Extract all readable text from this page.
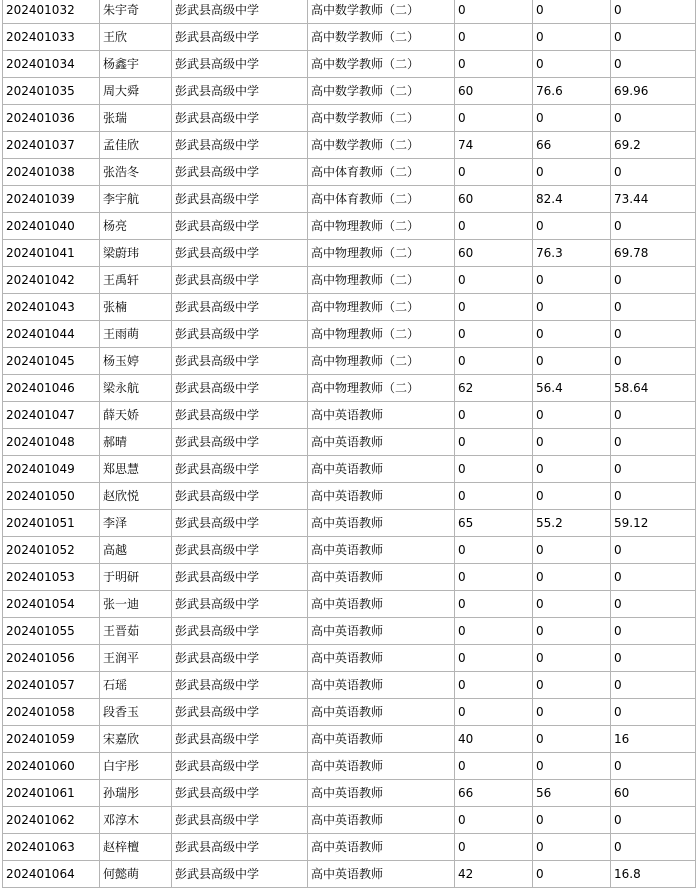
202401032	朱宇奇	彭武县高级中学	高中数学教师（二）	0	0	0
202401033	王欣	彭武县高级中学	高中数学教师（二）	0	0	0
202401034	杨鑫宇	彭武县高级中学	高中数学教师（二）	0	0	0
202401035	周大舜	彭武县高级中学	高中数学教师（二）	60	76.6	69.96
202401036	张瑞	彭武县高级中学	高中数学教师（二）	0	0	0
202401037	孟佳欣	彭武县高级中学	高中数学教师（二）	74	66	69.2
202401038	张浩冬	彭武县高级中学	高中体育教师（二）	0	0	0
202401039	李宇航	彭武县高级中学	高中体育教师（二）	60	82.4	73.44
202401040	杨亮	彭武县高级中学	高中物理教师（二）	0	0	0
202401041	梁蔚玮	彭武县高级中学	高中物理教师（二）	60	76.3	69.78
202401042	王禹轩	彭武县高级中学	高中物理教师（二）	0	0	0
202401043	张楠	彭武县高级中学	高中物理教师（二）	0	0	0
202401044	王雨萌	彭武县高级中学	高中物理教师（二）	0	0	0
202401045	杨玉婷	彭武县高级中学	高中物理教师（二）	0	0	0
202401046	梁永航	彭武县高级中学	高中物理教师（二）	62	56.4	58.64
202401047	薛天娇	彭武县高级中学	高中英语教师	0	0	0
202401048	郝晴	彭武县高级中学	高中英语教师	0	0	0
202401049	郑思慧	彭武县高级中学	高中英语教师	0	0	0
202401050	赵欣悦	彭武县高级中学	高中英语教师	0	0	0
202401051	李泽	彭武县高级中学	高中英语教师	65	55.2	59.12
202401052	高越	彭武县高级中学	高中英语教师	0	0	0
202401053	于明研	彭武县高级中学	高中英语教师	0	0	0
202401054	张一迪	彭武县高级中学	高中英语教师	0	0	0
202401055	王晋茹	彭武县高级中学	高中英语教师	0	0	0
202401056	王润平	彭武县高级中学	高中英语教师	0	0	0
202401057	石瑶	彭武县高级中学	高中英语教师	0	0	0
202401058	段香玉	彭武县高级中学	高中英语教师	0	0	0
202401059	宋嘉欣	彭武县高级中学	高中英语教师	40	0	16
202401060	白宇彤	彭武县高级中学	高中英语教师	0	0	0
202401061	孙瑞彤	彭武县高级中学	高中英语教师	66	56	60
202401062	邓淳木	彭武县高级中学	高中英语教师	0	0	0
202401063	赵梓檀	彭武县高级中学	高中英语教师	0	0	0
202401064	何懿萌	彭武县高级中学	高中英语教师	42	0	16.8
